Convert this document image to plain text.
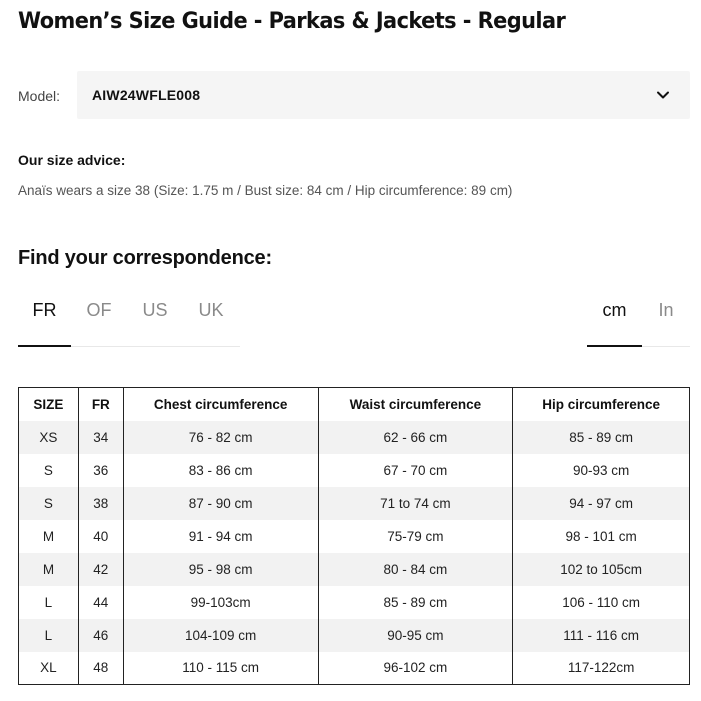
Women’s Size Guide - Parkas & Jackets - Regular
Model: AIW24WFLE008
Our size advice:
Anaïs wears a size 38 (Size: 1.75 m / Bust size: 84 cm / Hip circumference: 89 cm)
Find your correspondence:
FR	OF	US	UK	cm	In
SIZE	FR	Chest circumference	Waist circumference	Hip circumference
XS	34	76 - 82 cm	62 - 66 cm	85 - 89 cm
S	36	83 - 86 cm	67 - 70 cm	90-93 cm
S	38	87 - 90 cm	71 to 74 cm	94 - 97 cm
M	40	91 - 94 cm	75-79 cm	98 - 101 cm
M	42	95 - 98 cm	80 - 84 cm	102 to 105cm
L	44	99-103cm	85 - 89 cm	106 - 110 cm
L	46	104-109 cm	90-95 cm	111 - 116 cm
XL	48	110 - 115 cm	96-102 cm	117-122cm
